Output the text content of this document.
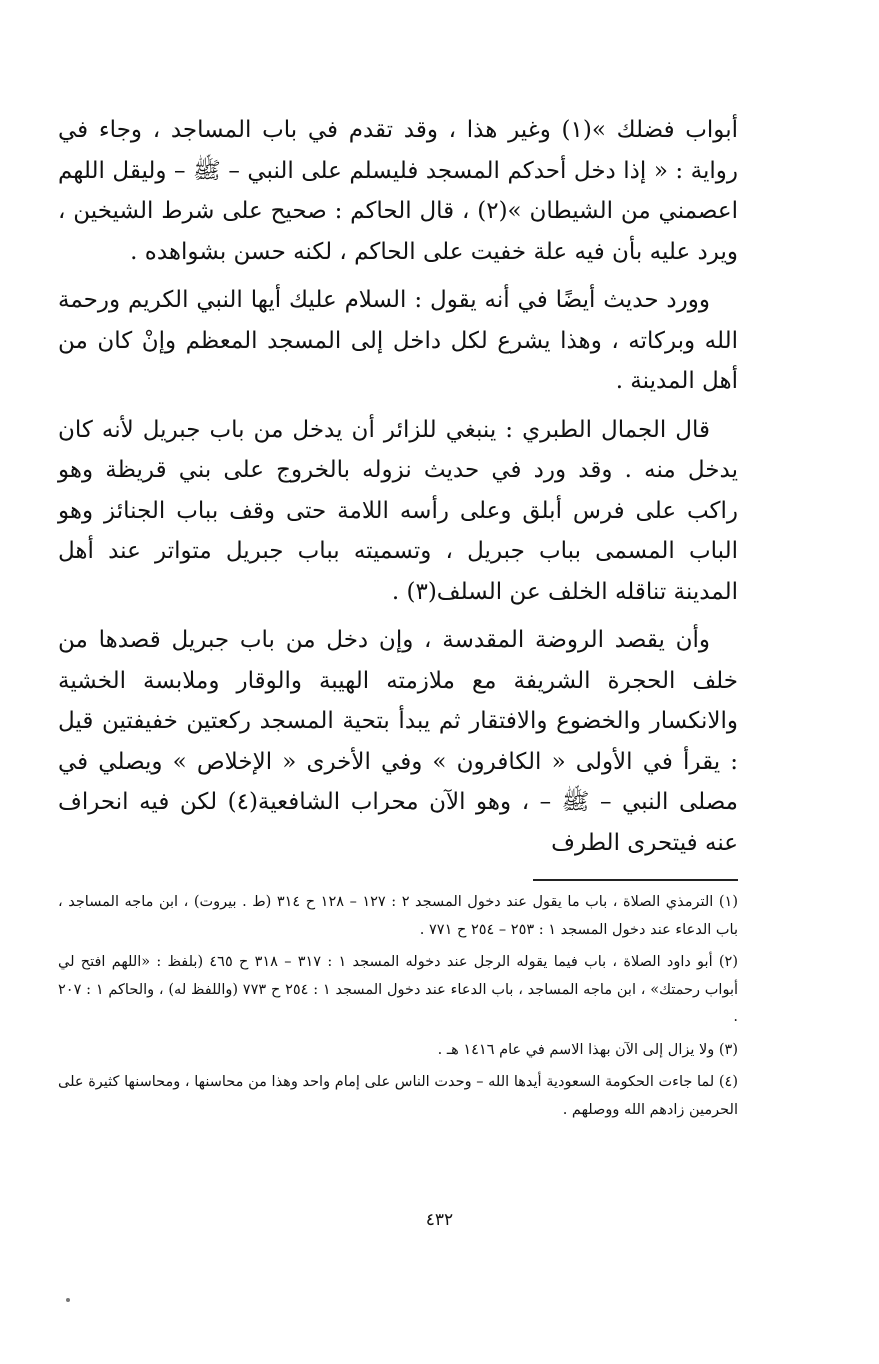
أبواب فضلك »(١) وغير هذا ، وقد تقدم في باب المساجد ، وجاء في رواية : « إذا دخل أحدكم المسجد فليسلم على النبي – ﷺ – وليقل اللهم اعصمني من الشيطان »(٢) ، قال الحاكم : صحيح على شرط الشيخين ، ويرد عليه بأن فيه علة خفيت على الحاكم ، لكنه حسن بشواهده .

وورد حديث أيضًا في أنه يقول : السلام عليك أيها النبي الكريم ورحمة الله وبركاته ، وهذا يشرع لكل داخل إلى المسجد المعظم وإنْ كان من أهل المدينة .

قال الجمال الطبري : ينبغي للزائر أن يدخل من باب جبريل لأنه كان يدخل منه . وقد ورد في حديث نزوله بالخروج على بني قريظة وهو راكب على فرس أبلق وعلى رأسه اللامة حتى وقف بباب الجنائز وهو الباب المسمى بباب جبريل ، وتسميته بباب جبريل متواتر عند أهل المدينة تناقله الخلف عن السلف(٣) .

وأن يقصد الروضة المقدسة ، وإن دخل من باب جبريل قصدها من خلف الحجرة الشريفة مع ملازمته الهيبة والوقار وملابسة الخشية والانكسار والخضوع والافتقار ثم يبدأ بتحية المسجد ركعتين خفيفتين قيل : يقرأ في الأولى « الكافرون » وفي الأخرى « الإخلاص » ويصلي في مصلى النبي – ﷺ – ، وهو الآن محراب الشافعية(٤) لكن فيه انحراف عنه فيتحرى الطرف

(١) الترمذي الصلاة ، باب ما يقول عند دخول المسجد ٢ : ١٢٧ – ١٢٨ ح ٣١٤ (ط . بيروت) ، ابن ماجه المساجد ، باب الدعاء عند دخول المسجد ١ : ٢٥٣ – ٢٥٤ ح ٧٧١ .

(٢) أبو داود الصلاة ، باب فيما يقوله الرجل عند دخوله المسجد ١ : ٣١٧ – ٣١٨ ح ٤٦٥ (بلفظ : «اللهم افتح لي أبواب رحمتك» ، ابن ماجه المساجد ، باب الدعاء عند دخول المسجد ١ : ٢٥٤ ح ٧٧٣ (واللفظ له) ، والحاكم ١ : ٢٠٧ .

(٣) ولا يزال إلى الآن بهذا الاسم في عام ١٤١٦ هـ .

(٤) لما جاءت الحكومة السعودية أيدها الله – وحدت الناس على إمام واحد وهذا من محاسنها ، ومحاسنها كثيرة على الحرمين زادهم الله ووصلهم .

٤٣٢
